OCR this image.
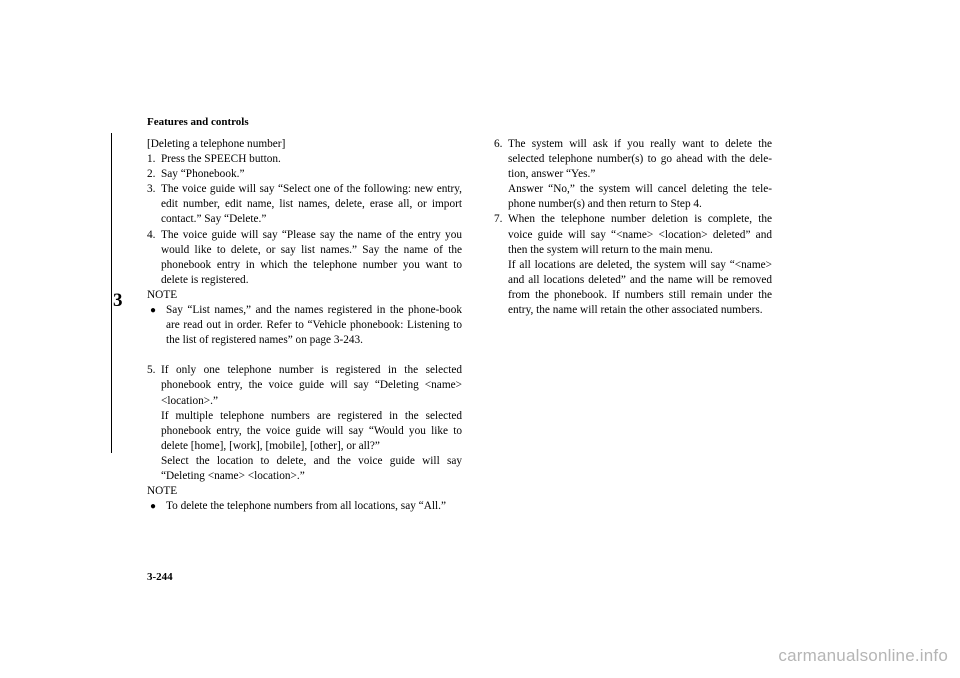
Features and controls
3
[Deleting a telephone number]
1. Press the SPEECH button.
2. Say “Phonebook.”
3. The voice guide will say “Select one of the following: new entry, edit number, edit name, list names, delete, erase all, or import contact.” Say “Delete.”
4. The voice guide will say “Please say the name of the entry you would like to delete, or say list names.” Say the name of the phonebook entry in which the telephone number you want to delete is registered.
NOTE
● Say “List names,” and the names registered in the phone-book are read out in order. Refer to “Vehicle phonebook: Listening to the list of registered names” on page 3-243.
5. If only one telephone number is registered in the selected phonebook entry, the voice guide will say “Deleting <name> <location>.”
If multiple telephone numbers are registered in the selected phonebook entry, the voice guide will say “Would you like to delete [home], [work], [mobile], [other], or all?”
Select the location to delete, and the voice guide will say “Deleting <name> <location>.”
NOTE
● To delete the telephone numbers from all locations, say “All.”
6. The system will ask if you really want to delete the selected telephone number(s) to go ahead with the dele-tion, answer “Yes.”
Answer “No,” the system will cancel deleting the tele-phone number(s) and then return to Step 4.
7. When the telephone number deletion is complete, the voice guide will say “<name> <location> deleted” and then the system will return to the main menu.
If all locations are deleted, the system will say “<name> and all locations deleted” and the name will be removed from the phonebook. If numbers still remain under the entry, the name will retain the other associated numbers.
3-244
carmanualsonline.info
